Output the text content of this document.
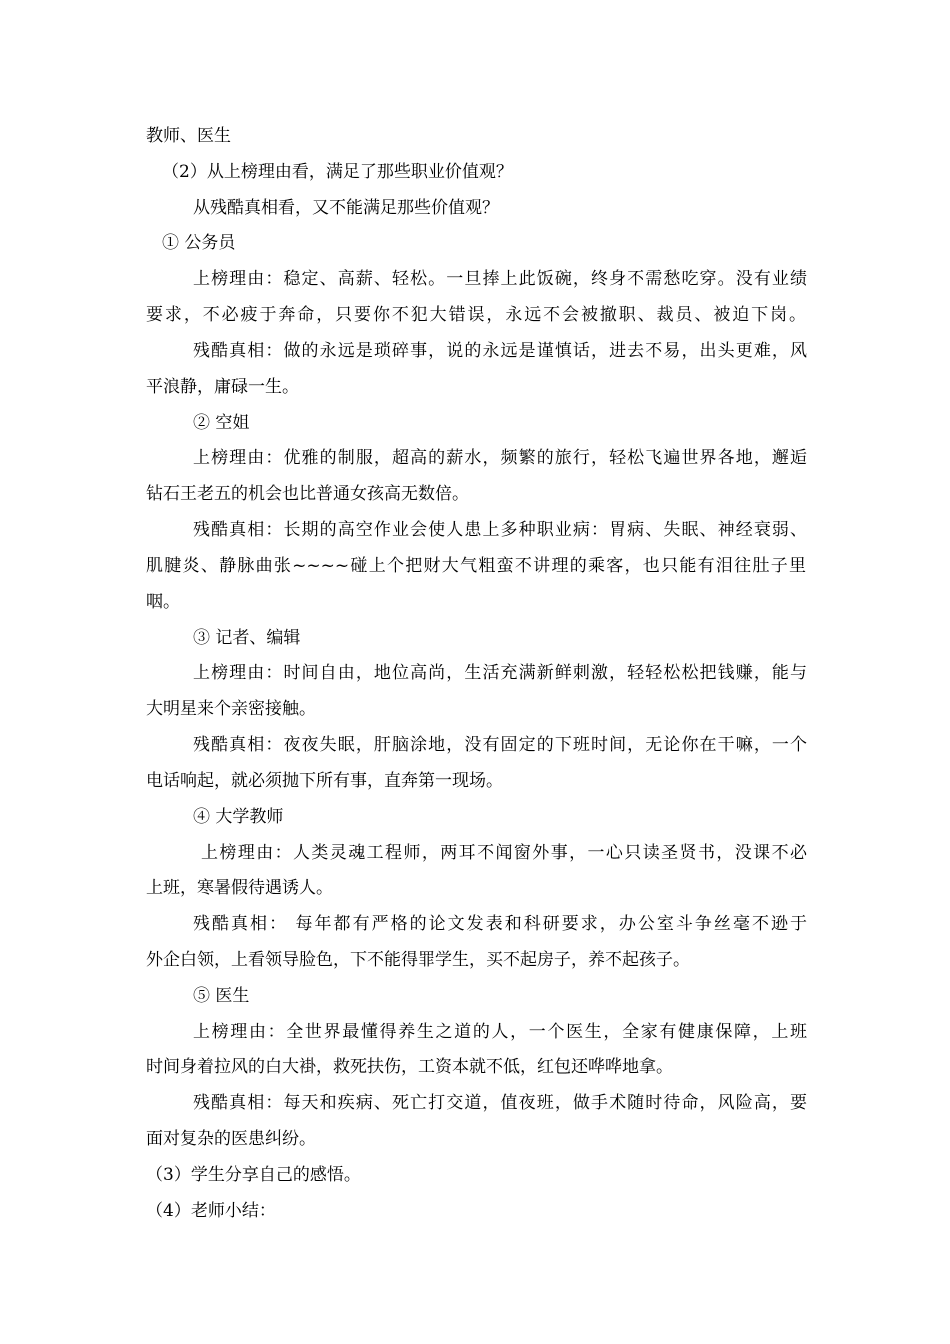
教师、医生
（2）从上榜理由看，满足了那些职业价值观？
从残酷真相看，又不能满足那些价值观？
① 公务员
上榜理由：稳定、高薪、轻松。一旦捧上此饭碗，终身不需愁吃穿。没有业绩
要求，不必疲于奔命，只要你不犯大错误，永远不会被撤职、裁员、被迫下岗。
残酷真相：做的永远是琐碎事，说的永远是谨慎话，进去不易，出头更难，风
平浪静，庸碌一生。
② 空姐
上榜理由：优雅的制服，超高的薪水，频繁的旅行，轻松飞遍世界各地，邂逅
钻石王老五的机会也比普通女孩高无数倍。
残酷真相：长期的高空作业会使人患上多种职业病：胃病、失眠、神经衰弱、
肌腱炎、静脉曲张~~~~碰上个把财大气粗蛮不讲理的乘客，也只能有泪往肚子里
咽。
③ 记者、编辑
上榜理由：时间自由，地位高尚，生活充满新鲜刺激，轻轻松松把钱赚，能与
大明星来个亲密接触。
残酷真相：夜夜失眠，肝脑涂地，没有固定的下班时间，无论你在干嘛，一个
电话响起，就必须抛下所有事，直奔第一现场。
④ 大学教师
上榜理由：人类灵魂工程师，两耳不闻窗外事，一心只读圣贤书，没课不必
上班，寒暑假待遇诱人。
残酷真相： 每年都有严格的论文发表和科研要求，办公室斗争丝毫不逊于
外企白领，上看领导脸色，下不能得罪学生，买不起房子，养不起孩子。
⑤ 医生
上榜理由：全世界最懂得养生之道的人，一个医生，全家有健康保障，上班
时间身着拉风的白大褂，救死扶伤，工资本就不低，红包还哗哗地拿。
残酷真相：每天和疾病、死亡打交道，值夜班，做手术随时待命，风险高，要
面对复杂的医患纠纷。
（3）学生分享自己的感悟。
（4）老师小结：
